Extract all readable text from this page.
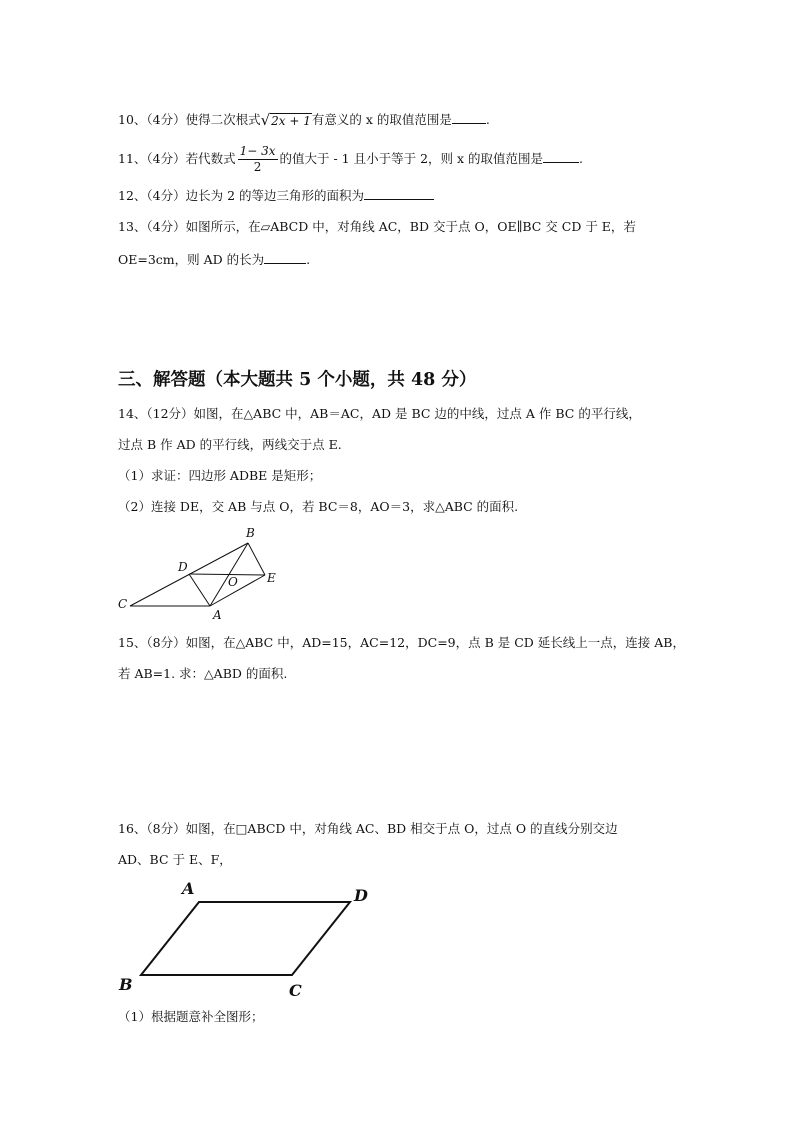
10、（4分）使得二次根式√2x + 1有意义的 x 的取值范围是	.
11、（4分）若代数式 $\frac{1- 3x}{2}$ 的值大于 - 1 且小于等于 2，则 x 的取值范围是	.
12、（4分）边长为 2 的等边三角形的面积为
13、（4分）如图所示，在▱ABCD 中，对角线 AC，BD 交于点 O，OE∥BC 交 CD 于 E，若
OE=3cm，则 AD 的长为	.
三、解答题（本大题共 5 个小题，共 48 分）
14、（12分）如图，在△ABC 中，AB＝AC，AD 是 BC 边的中线，过点 A 作 BC 的平行线，
过点 B 作 AD 的平行线，两线交于点 E.
（1）求证：四边形 ADBE 是矩形；
（2）连接 DE，交 AB 与点 O，若 BC＝8，AO＝3，求△ABC 的面积.
B
D
O E
C
A
15、（8分）如图，在△ABC 中，AD=15，AC=12，DC=9，点 B 是 CD 延长线上一点，连接 AB，
若 AB=1. 求：△ABD 的面积.
16、（8分）如图，在□ABCD 中，对角线 AC、BD 相交于点 O，过点 O 的直线分别交边
AD、BC 于 E、F，
A	D
B	C
（1）根据题意补全图形；
